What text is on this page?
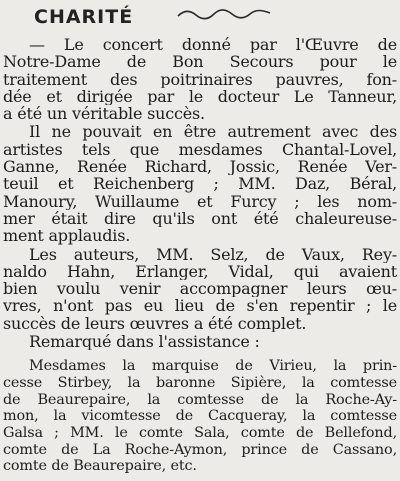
CHARITÉ
— Le concert donné par l'Œuvre de
Notre-Dame de Bon Secours pour le
traitement des poitrinaires pauvres, fon-
dée et dirigée par le docteur Le Tanneur,
a été un véritable succès.
Il ne pouvait en être autrement avec des
artistes tels que mesdames Chantal-Lovel,
Ganne, Renée Richard, Jossic, Renée Ver-
teuil et Reichenberg ; MM. Daz, Béral,
Manoury, Wuillaume et Furcy ; les nom-
mer était dire qu'ils ont été chaleureuse-
ment applaudis.
Les auteurs, MM. Selz, de Vaux, Rey-
naldo Hahn, Erlanger, Vidal, qui avaient
bien voulu venir accompagner leurs œu-
vres, n'ont pas eu lieu de s'en repentir ; le
succès de leurs œuvres a été complet.
Remarqué dans l'assistance :
Mesdames la marquise de Virieu, la prin-
cesse Stirbey, la baronne Sipière, la comtesse
de Beaurepaire, la comtesse de la Roche-Ay-
mon, la vicomtesse de Cacqueray, la comtesse
Galsa ; MM. le comte Sala, comte de Bellefond,
comte de La Roche-Aymon, prince de Cassano,
comte de Beaurepaire, etc.
